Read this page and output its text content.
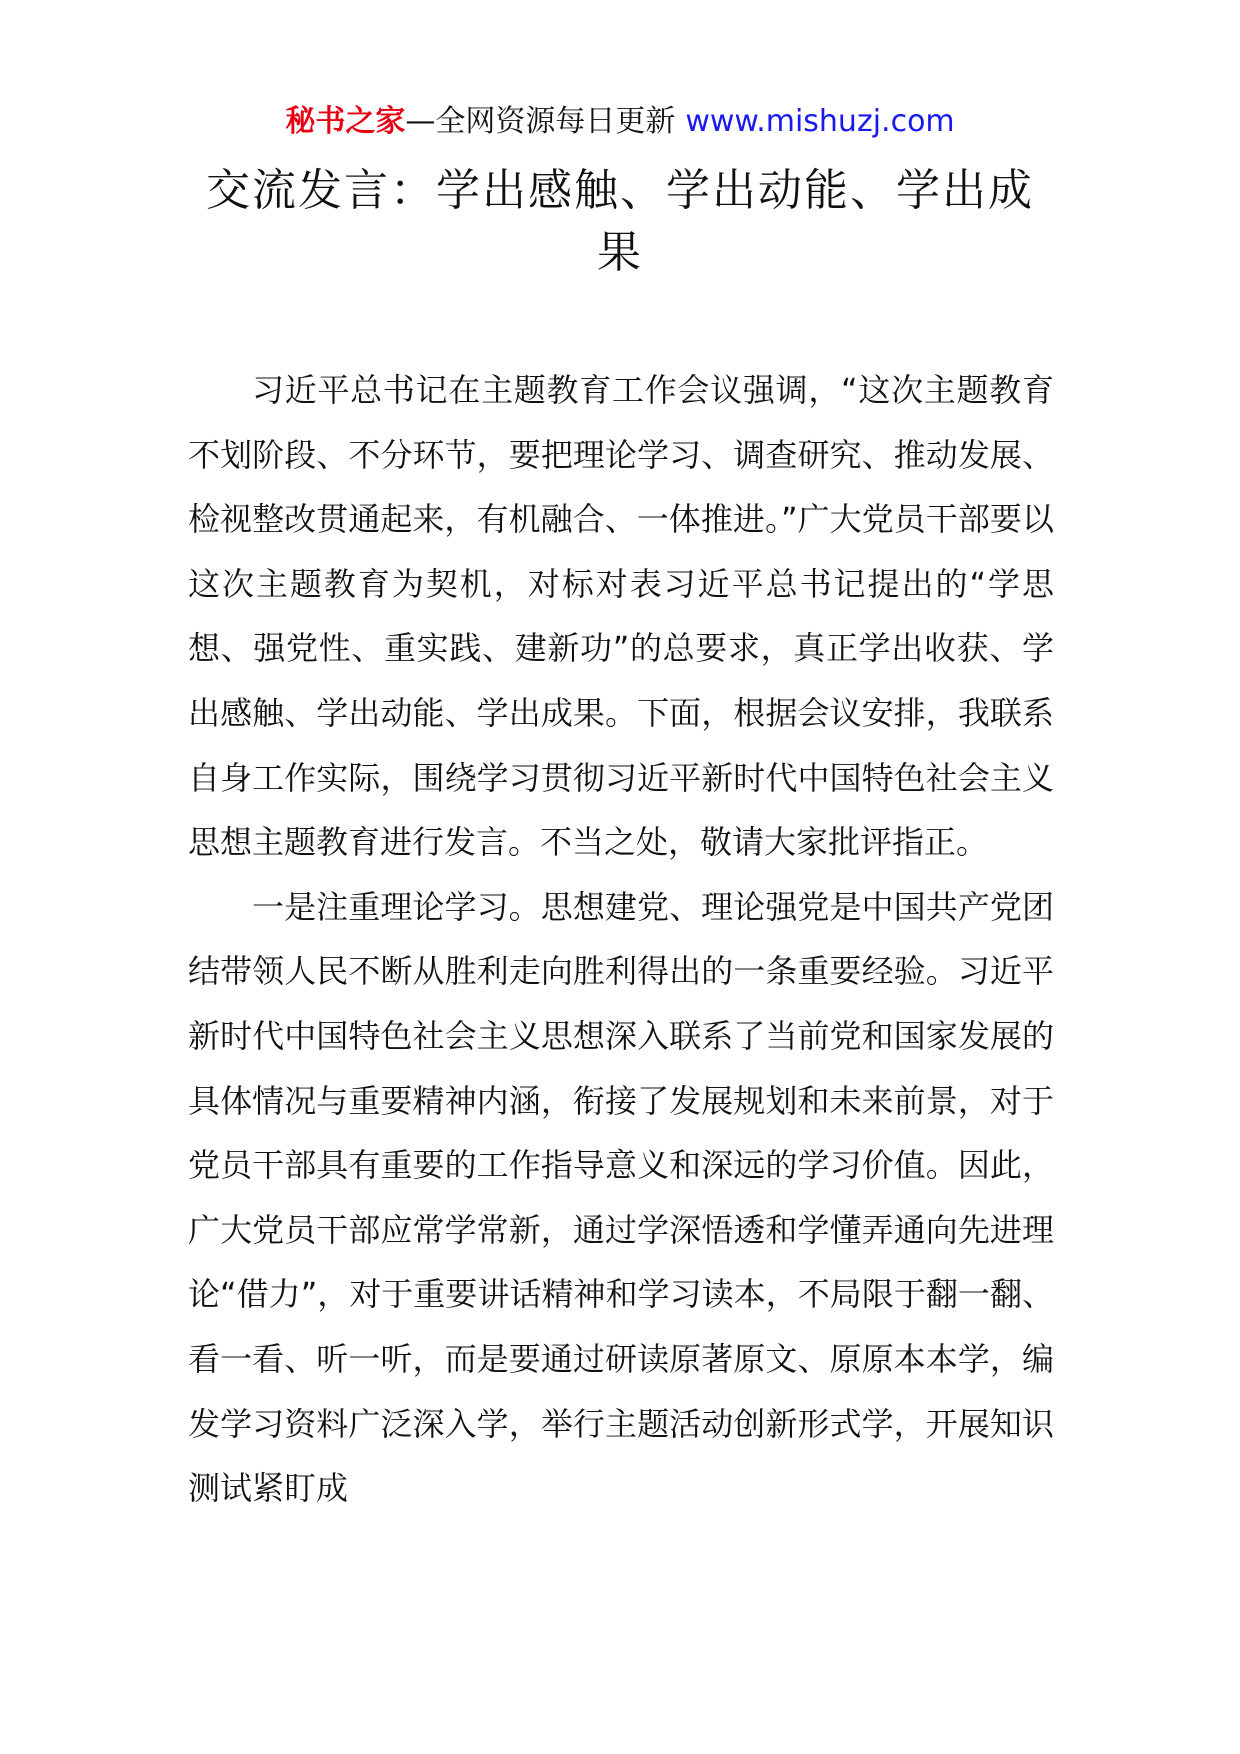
秘书之家—全网资源每日更新 www.mishuzj.com
交流发言：学出感触、学出动能、学出成果

习近平总书记在主题教育工作会议强调，“这次主题教育不划阶段、不分环节，要把理论学习、调查研究、推动发展、检视整改贯通起来，有机融合、一体推进。”广大党员干部要以这次主题教育为契机，对标对表习近平总书记提出的“学思想、强党性、重实践、建新功”的总要求，真正学出收获、学出感触、学出动能、学出成果。下面，根据会议安排，我联系自身工作实际，围绕学习贯彻习近平新时代中国特色社会主义思想主题教育进行发言。不当之处，敬请大家批评指正。

一是注重理论学习。思想建党、理论强党是中国共产党团结带领人民不断从胜利走向胜利得出的一条重要经验。习近平新时代中国特色社会主义思想深入联系了当前党和国家发展的具体情况与重要精神内涵，衔接了发展规划和未来前景，对于党员干部具有重要的工作指导意义和深远的学习价值。因此，广大党员干部应常学常新，通过学深悟透和学懂弄通向先进理论“借力”，对于重要讲话精神和学习读本，不局限于翻一翻、看一看、听一听，而是要通过研读原著原文、原原本本学，编发学习资料广泛深入学，举行主题活动创新形式学，开展知识测试紧盯成
